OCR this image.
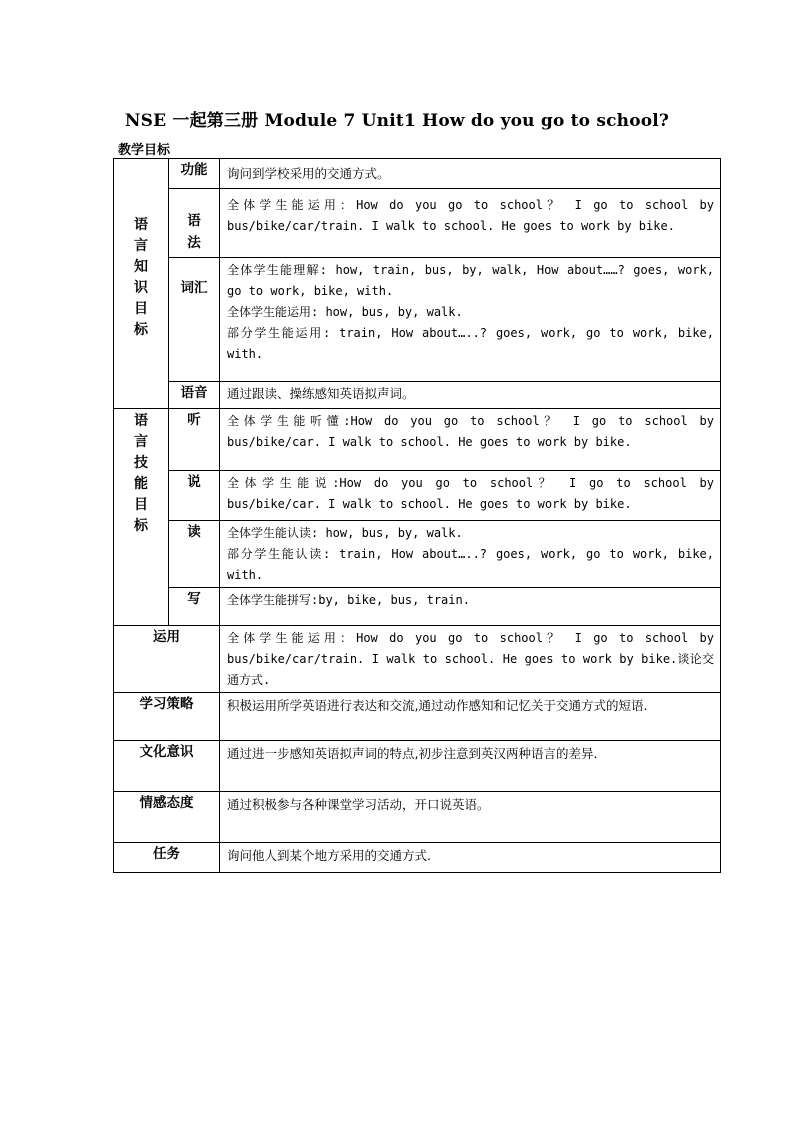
NSE 一起第三册 Module 7 Unit1 How do you go to school?
教学目标
语言知识目标	功能	询问到学校采用的交通方式。
	语法	全体学生能运用：How do you go to school？ I go to school by bus/bike/car/train. I walk to school. He goes to work by bike.
	词汇	全体学生能理解: how, train, bus, by, walk, How about……? goes, work, go to work, bike, with.
全体学生能运用: how, bus, by, walk.
部分学生能运用: train, How about…..? goes, work, go to work, bike, with.

	语音	通过跟读、操练感知英语拟声词。
语言技能目标	听	全体学生能听懂:How do you go to school？ I go to school by bus/bike/car. I walk to school. He goes to work by bike.
	说	全体学生能说:How do you go to school？ I go to school by bus/bike/car. I walk to school. He goes to work by bike.
	读	全体学生能认读: how, bus, by, walk.
部分学生能认读: train, How about…..? goes, work, go to work, bike, with.

	写	全体学生能拼写:by, bike, bus, train.
运用		全体学生能运用：How do you go to school？ I go to school by bus/bike/car/train. I walk to school. He goes to work by bike.谈论交通方式.
学习策略		积极运用所学英语进行表达和交流,通过动作感知和记忆关于交通方式的短语.
文化意识		通过进一步感知英语拟声词的特点,初步注意到英汉两种语言的差异.
情感态度		通过积极参与各种课堂学习活动，开口说英语。
任务		询问他人到某个地方采用的交通方式.
